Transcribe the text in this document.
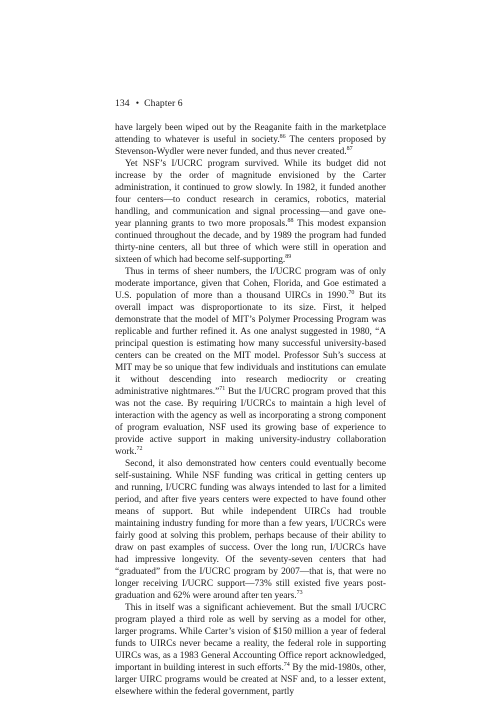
134 • Chapter 6

have largely been wiped out by the Reaganite faith in the marketplace attending to whatever is useful in society.$^{86}$ The centers proposed by Stevenson-Wydler were never funded, and thus never created.$^{87}$

Yet NSF’s I/UCRC program survived. While its budget did not increase by the order of magnitude envisioned by the Carter administration, it continued to grow slowly. In 1982, it funded another four centers—to conduct research in ceramics, robotics, material handling, and communication and signal processing—and gave one-year planning grants to two more proposals.$^{88}$ This modest expansion continued throughout the decade, and by 1989 the program had funded thirty-nine centers, all but three of which were still in operation and sixteen of which had become self-supporting.$^{89}$

Thus in terms of sheer numbers, the I/UCRC program was of only moderate importance, given that Cohen, Florida, and Goe estimated a U.S. population of more than a thousand UIRCs in 1990.70 But its overall impact was disproportionate to its size. First, it helped demonstrate that the model of MIT’s Polymer Processing Program was replicable and further refined it. As one analyst suggested in 1980, “A principal question is estimating how many successful university-based centers can be created on the MIT model. Professor Suh’s success at MIT may be so unique that few individuals and institutions can emulate it without descending into research mediocrity or creating administrative nightmares.”$^{71}$ But the I/UCRC program proved that this was not the case. By requiring I/UCRCs to maintain a high level of interaction with the agency as well as incorporating a strong component of program evaluation, NSF used its growing base of experience to provide active support in making university-industry collaboration work.$^{72}$

Second, it also demonstrated how centers could eventually become self-sustaining. While NSF funding was critical in getting centers up and running, I/UCRC funding was always intended to last for a limited period, and after five years centers were expected to have found other means of support. But while independent UIRCs had trouble maintaining industry funding for more than a few years, I/UCRCs were fairly good at solving this problem, perhaps because of their ability to draw on past examples of success. Over the long run, I/UCRCs have had impressive longevity. Of the seventy-seven centers that had “graduated” from the I/UCRC program by 2007—that is, that were no longer receiving I/UCRC support—73% still existed five years post-graduation and 62% were around after ten years.$^{73}$

This in itself was a significant achievement. But the small I/UCRC program played a third role as well by serving as a model for other, larger programs. While Carter’s vision of $150 million a year of federal funds to UIRCs never became a reality, the federal role in supporting UIRCs was, as a 1983 General Accounting Office report acknowledged, important in building interest in such efforts.$^{74}$ By the mid-1980s, other, larger UIRC programs would be created at NSF and, to a lesser extent, elsewhere within the federal government, partly
